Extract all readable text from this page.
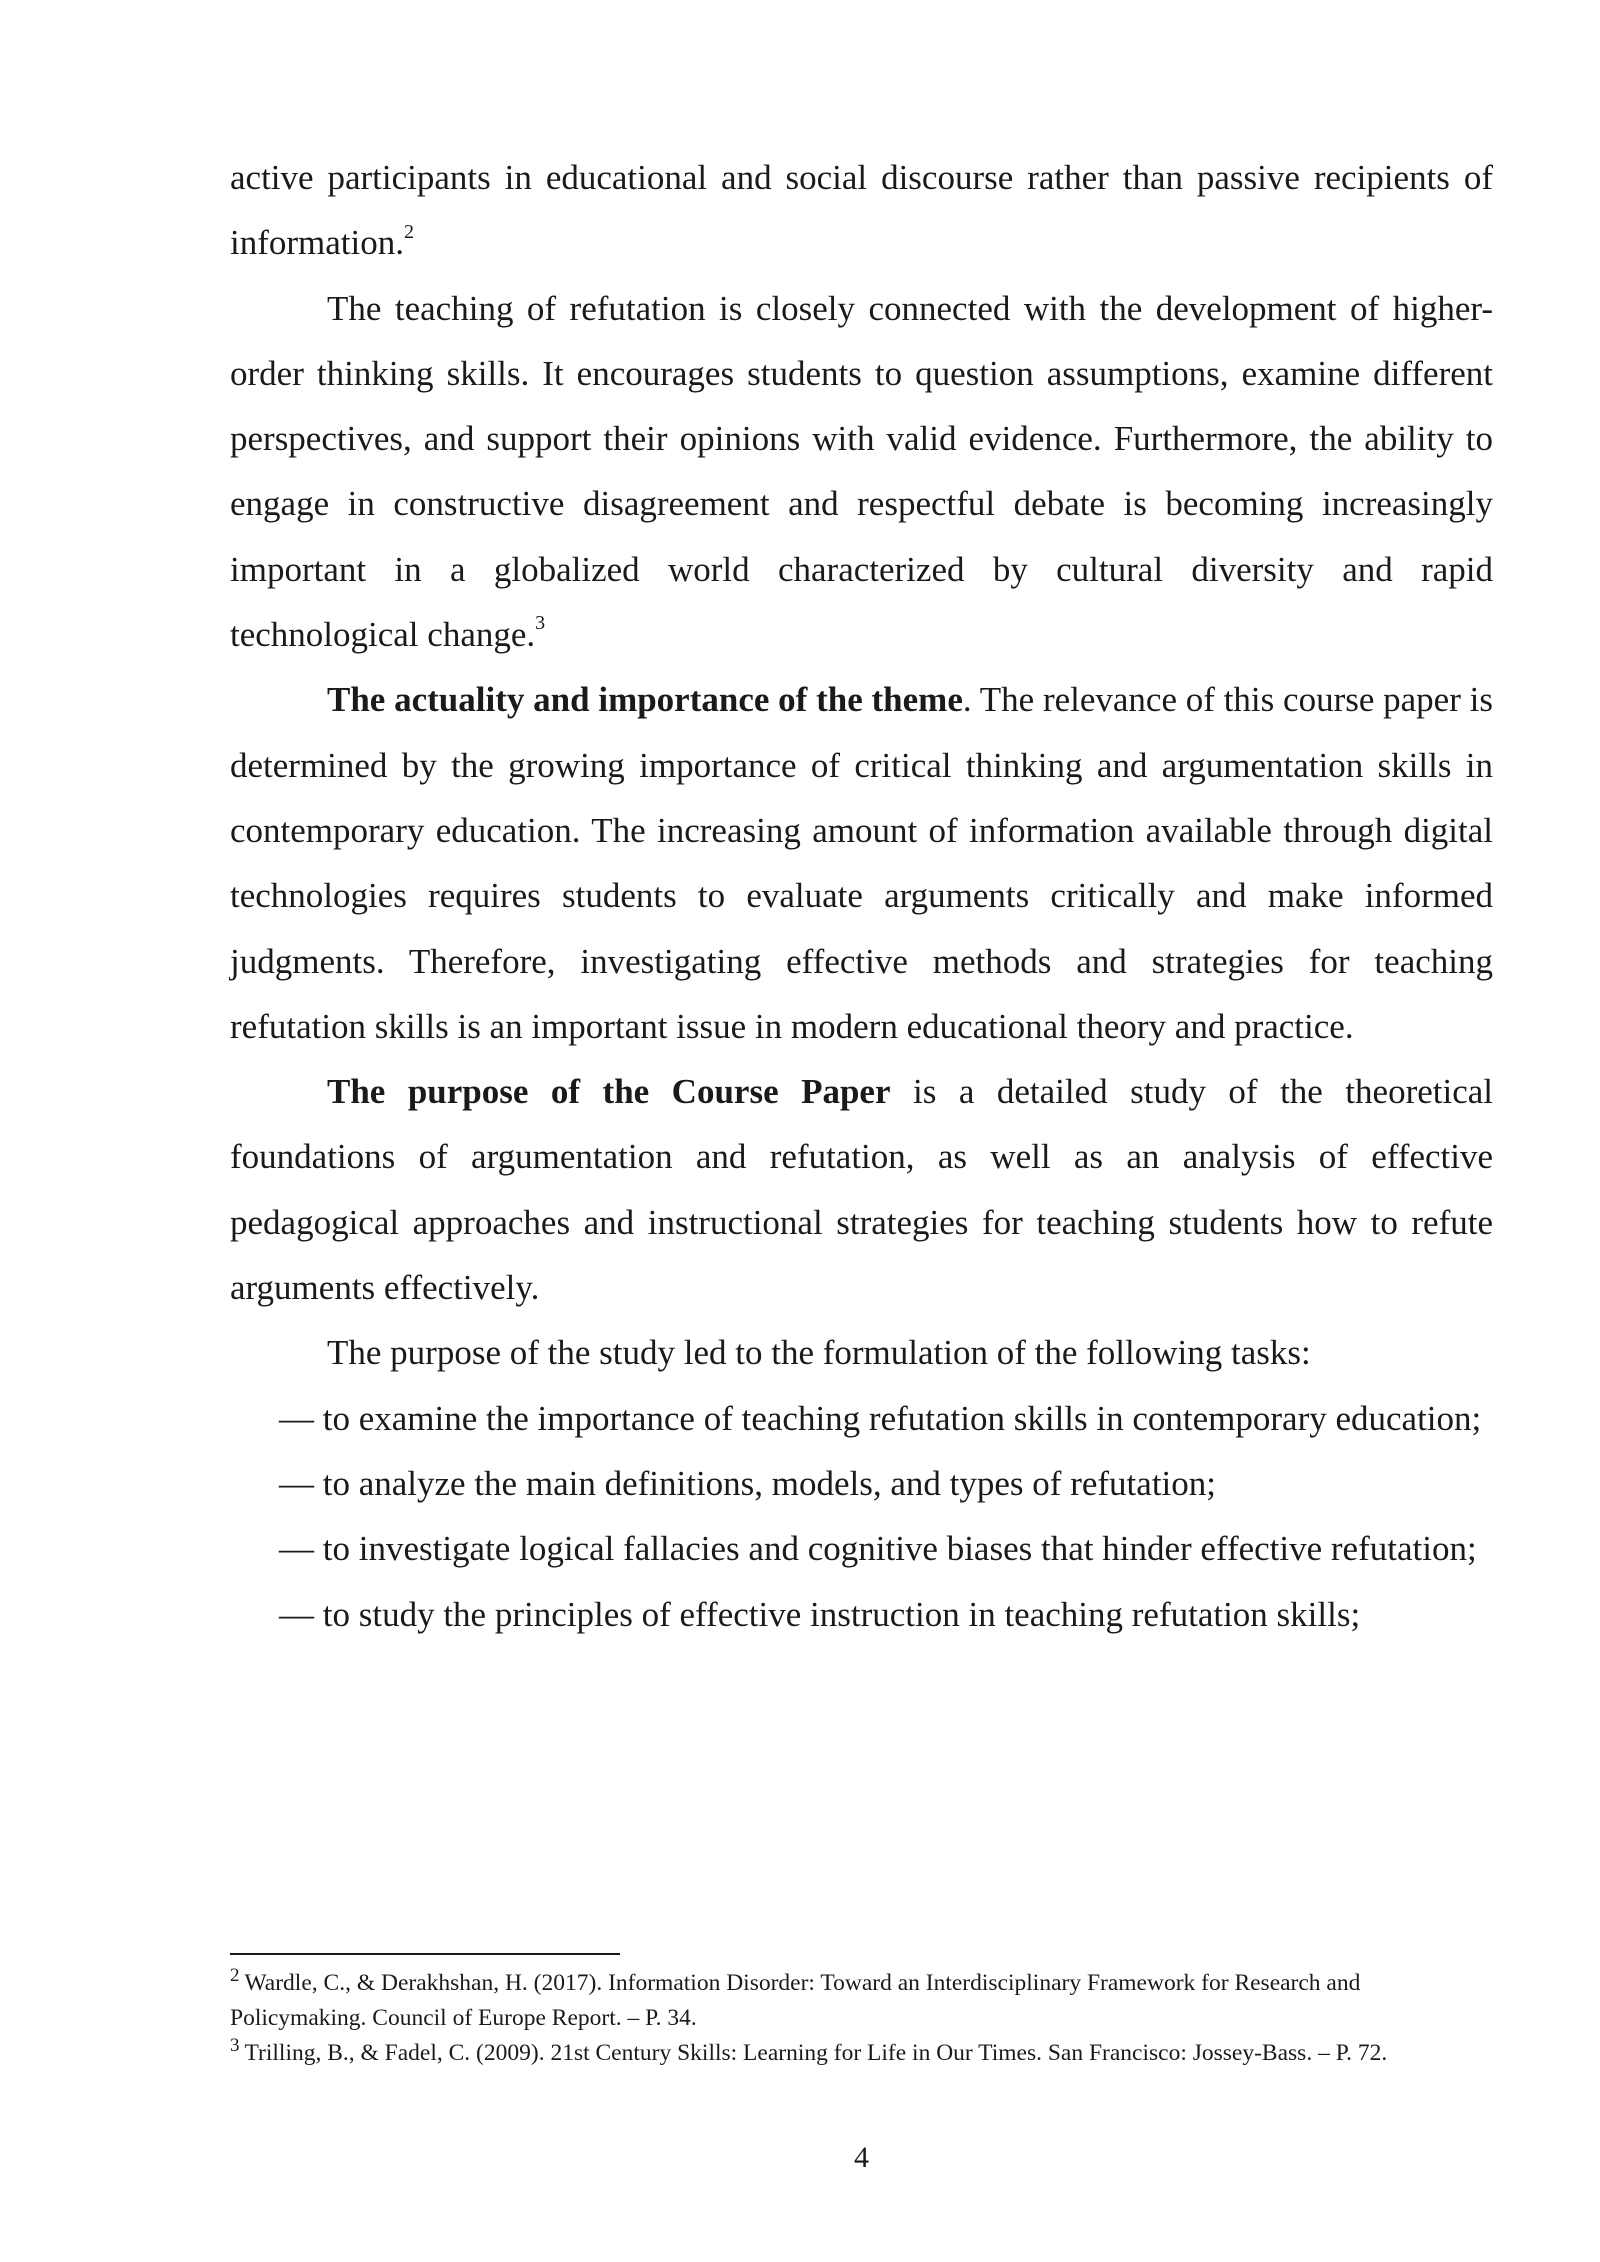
active participants in educational and social discourse rather than passive recipients of information.$^2$

The teaching of refutation is closely connected with the development of higher-order thinking skills. It encourages students to question assumptions, examine different perspectives, and support their opinions with valid evidence. Furthermore, the ability to engage in constructive disagreement and respectful debate is becoming increasingly important in a globalized world characterized by cultural diversity and rapid technological change.$^3$

The actuality and importance of the theme. The relevance of this course paper is determined by the growing importance of critical thinking and argumentation skills in contemporary education. The increasing amount of information available through digital technologies requires students to evaluate arguments critically and make informed judgments. Therefore, investigating effective methods and strategies for teaching refutation skills is an important issue in modern educational theory and practice.

The purpose of the Course Paper is a detailed study of the theoretical foundations of argumentation and refutation, as well as an analysis of effective pedagogical approaches and instructional strategies for teaching students how to refute arguments effectively.

The purpose of the study led to the formulation of the following tasks:

— to examine the importance of teaching refutation skills in contemporary education;
— to analyze the main definitions, models, and types of refutation;
— to investigate logical fallacies and cognitive biases that hinder effective refutation;
— to study the principles of effective instruction in teaching refutation skills;

$^2$ Wardle, C., & Derakhshan, H. (2017). Information Disorder: Toward an Interdisciplinary Framework for Research and Policymaking. Council of Europe Report. – P. 34.

$^3$ Trilling, B., & Fadel, C. (2009). 21st Century Skills: Learning for Life in Our Times. San Francisco: Jossey-Bass. – P. 72.

4
